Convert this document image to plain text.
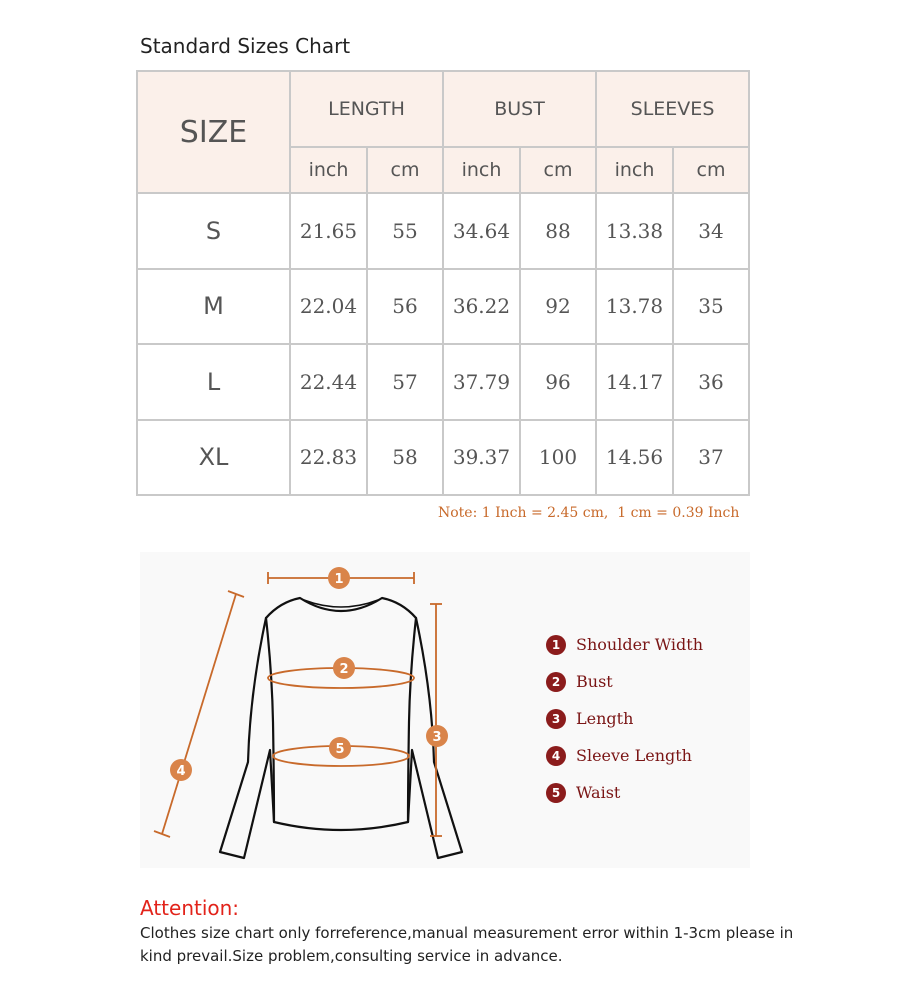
Standard Sizes Chart
SIZE	LENGTH		BUST		SLEEVES	
	inch	cm	inch	cm	inch	cm
S	21.65	55	34.64	88	13.38	34
M	22.04	56	36.22	92	13.78	35
L	22.44	57	37.79	96	14.17	36
XL	22.83	58	39.37	100	14.56	37
Note: 1 Inch = 2.45 cm,  1 cm = 0.39 Inch
1
2
3
4
5
1 Shoulder Width
2 Bust
3 Length
4 Sleeve Length
5 Waist
Attention:
Clothes size chart only forreference,manual measurement error within 1-3cm please in kind prevail.Size problem,consulting service in advance.
